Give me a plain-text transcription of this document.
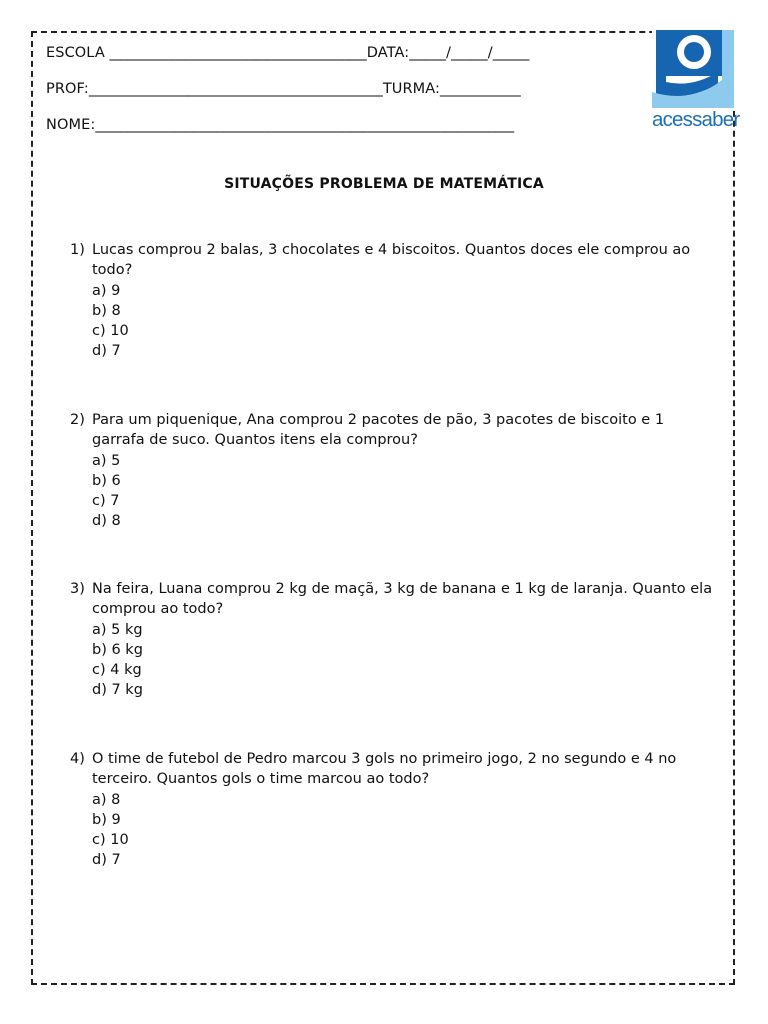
ESCOLA ___________________________________DATA:_____/_____/_____
PROF:________________________________________TURMA:___________
NOME:_________________________________________________________	acessaber
SITUAÇÕES PROBLEMA DE MATEMÁTICA
1) Lucas comprou 2 balas, 3 chocolates e 4 biscoitos. Quantos doces ele comprou ao todo?
a) 9
b) 8
c) 10
d) 7
2) Para um piquenique, Ana comprou 2 pacotes de pão, 3 pacotes de biscoito e 1 garrafa de suco. Quantos itens ela comprou?
a) 5
b) 6
c) 7
d) 8
3) Na feira, Luana comprou 2 kg de maçã, 3 kg de banana e 1 kg de laranja. Quanto ela comprou ao todo?
a) 5 kg
b) 6 kg
c) 4 kg
d) 7 kg
4) O time de futebol de Pedro marcou 3 gols no primeiro jogo, 2 no segundo e 4 no terceiro. Quantos gols o time marcou ao todo?
a) 8
b) 9
c) 10
d) 7
